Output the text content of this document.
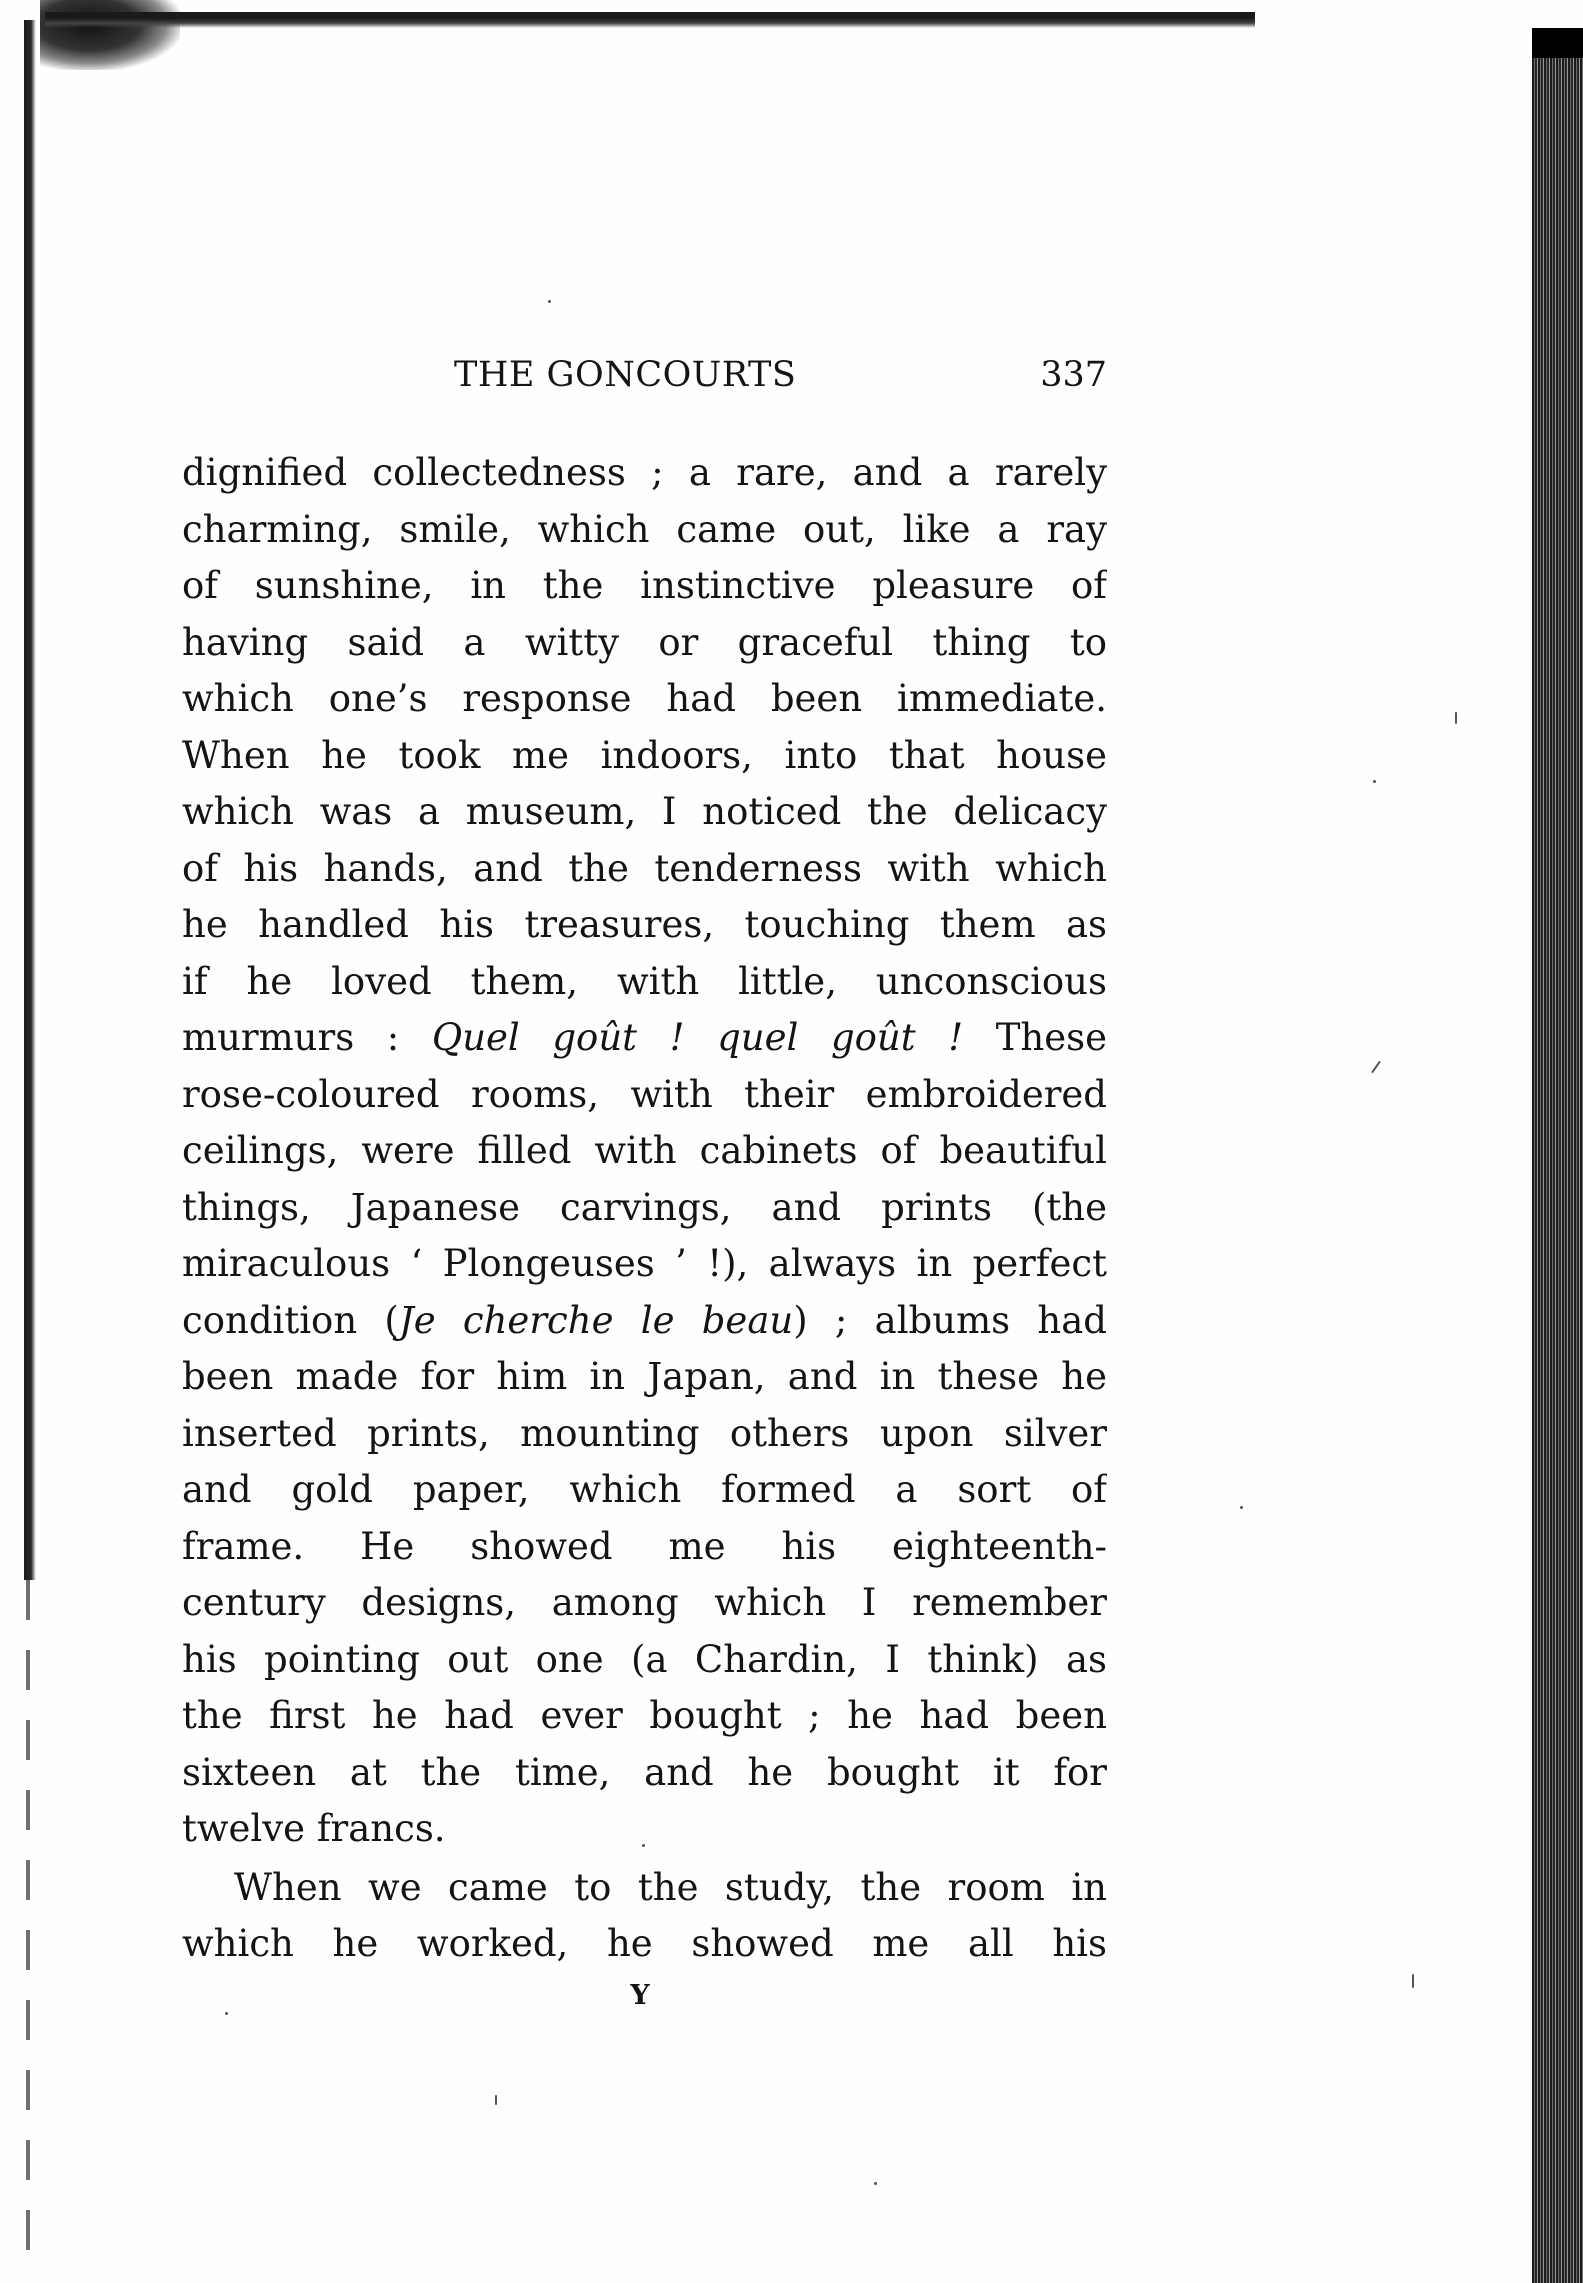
THE GONCOURTS	337
dignified collectedness ; a rare, and a rarely
charming, smile, which came out, like a ray
of sunshine, in the instinctive pleasure of
having said a witty or graceful thing to
which one’s response had been immediate.
When he took me indoors, into that house
which was a museum, I noticed the delicacy
of his hands, and the tenderness with which
he handled his treasures, touching them as
if he loved them, with little, unconscious
murmurs : Quel goût ! quel goût ! These
rose-coloured rooms, with their embroidered
ceilings, were filled with cabinets of beautiful
things, Japanese carvings, and prints (the
miraculous ‘ Plongeuses ’ !), always in perfect
condition (Je cherche le beau) ; albums had
been made for him in Japan, and in these he
inserted prints, mounting others upon silver
and gold paper, which formed a sort of
frame. He showed me his eighteenth-
century designs, among which I remember
his pointing out one (a Chardin, I think) as
the first he had ever bought ; he had been
sixteen at the time, and he bought it for
twelve francs.
When we came to the study, the room in
which he worked, he showed me all his
Y
